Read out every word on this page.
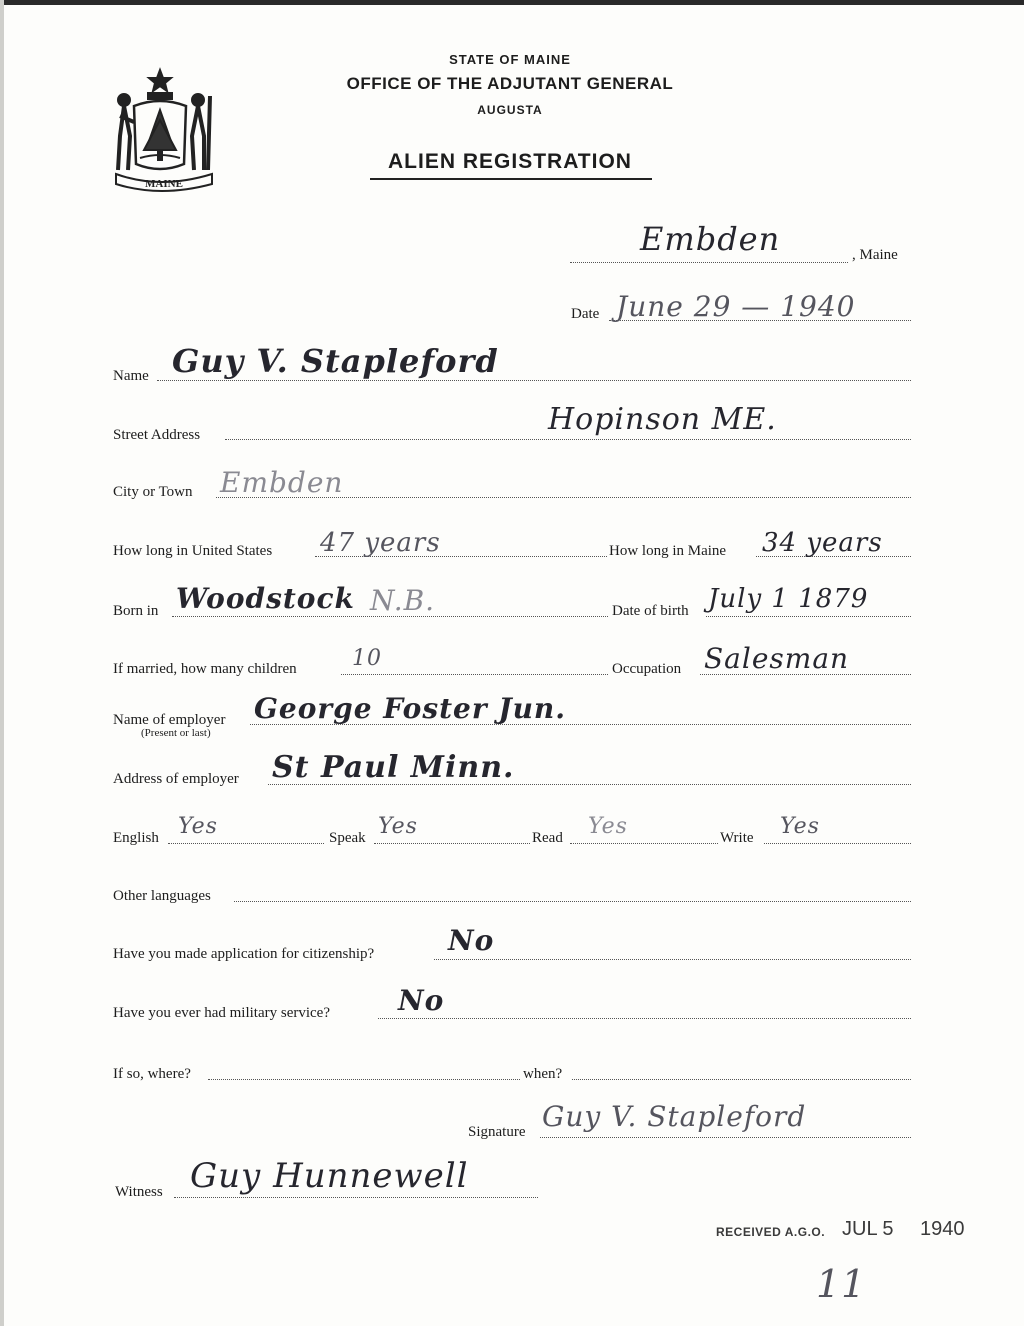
MAINE
STATE OF MAINE
OFFICE OF THE ADJUTANT GENERAL
AUGUSTA
ALIEN REGISTRATION
Embden	, Maine
Date June 29 — 1940
Name Guy V. Stapleford
Street Address	Hopinson ME.
City or Town Embden
How long in United States 47 years	How long in Maine 34 years
Born in Woodstock N.B.	Date of birth July 1 1879
If married, how many children	10	Occupation Salesman
Name of employer
(Present or last)
George Foster Jun.
Address of employer St Paul Minn.
English Yes	Speak Yes	Read Yes	Write Yes
Other languages
Have you made application for citizenship?	No
Have you ever had military service? No
If so, where?	when?
Signature Guy V. Stapleford
Witness Guy Hunnewell
RECEIVED A.G.O. JUL 5 1940
11
